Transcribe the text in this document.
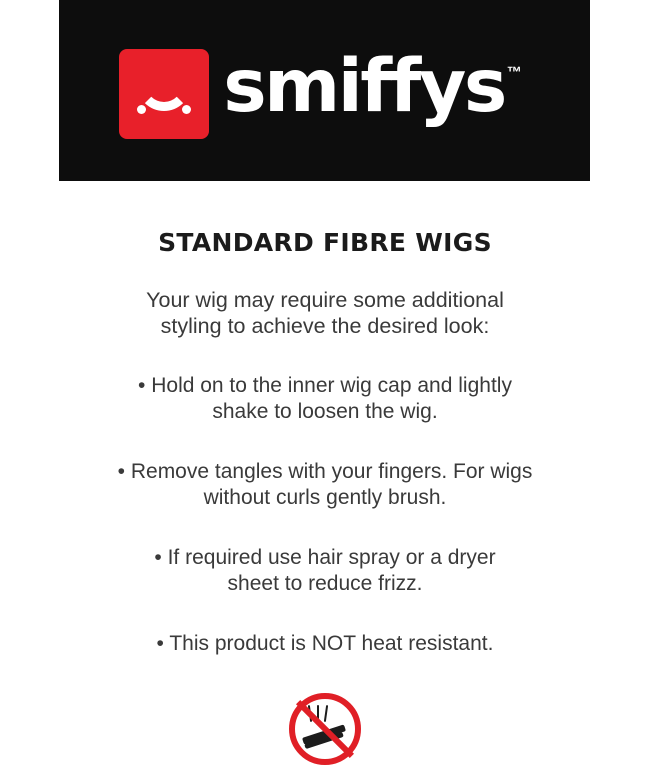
smiffys ™
STANDARD FIBRE WIGS

Your wig may require some additional styling to achieve the desired look:

• Hold on to the inner wig cap and lightly shake to loosen the wig.

• Remove tangles with your fingers. For wigs without curls gently brush.

• If required use hair spray or a dryer sheet to reduce frizz.

• This product is NOT heat resistant.
